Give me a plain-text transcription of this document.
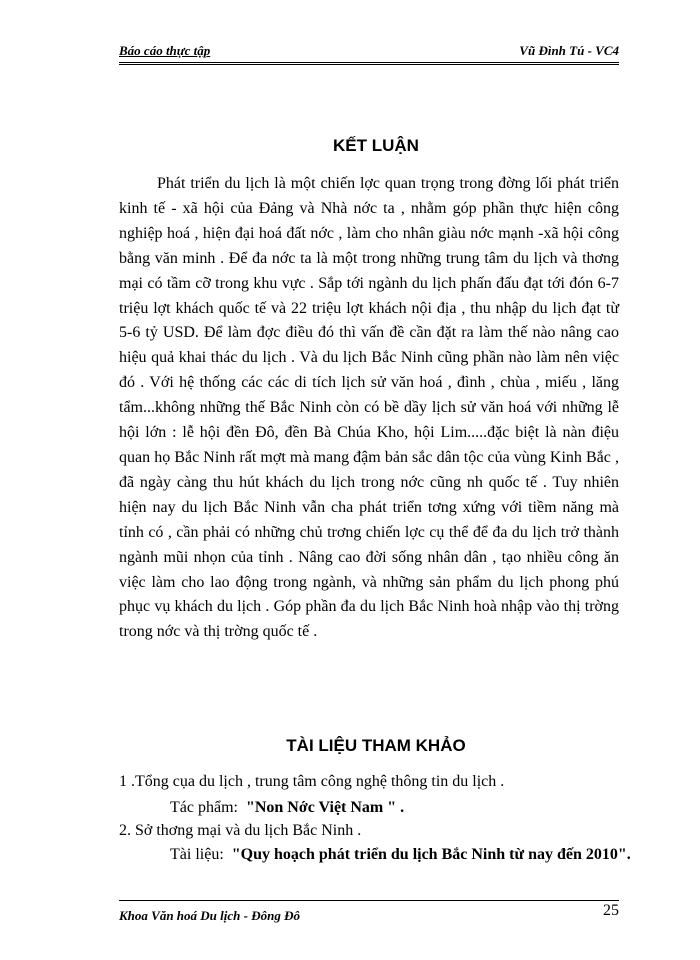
Báo cáo thực tập	Vũ Đình Tú - VC4
KẾT LUẬN
Phát triển du lịch là một chiến lợc quan trọng trong đờng lối phát triển kinh tế - xã hội của Đảng và Nhà nớc ta , nhằm góp phần thực hiện công nghiệp hoá , hiện đại hoá đất nớc , làm cho nhân giàu nớc mạnh -xã hội công bằng văn minh . Để đa nớc ta là một trong những trung tâm du lịch và thơng mại có tầm cỡ trong khu vực . Sắp tới ngành du lịch phấn đấu đạt tới đón 6-7 triệu lợt khách quốc tế và 22 triệu lợt khách nội địa , thu nhập du lịch đạt từ 5-6 tỷ USD. Để làm đợc điều đó thì vấn đề cần đặt ra làm thế nào nâng cao hiệu quả khai thác du lịch . Và du lịch Bắc Ninh cũng phần nào làm nên việc đó . Với hệ thống các các di tích lịch sử văn hoá , đình , chùa , miếu , lăng tẩm...không những thế Bắc Ninh còn có bề dầy lịch sử văn hoá với những lễ hội lớn : lễ hội đền Đô, đền Bà Chúa Kho, hội Lim.....đặc biệt là nàn điệu quan họ Bắc Ninh rất mợt mà mang đậm bản sắc dân tộc của vùng Kinh Bắc , đã ngày càng thu hút khách du lịch trong nớc cũng nh quốc tế . Tuy nhiên hiện nay du lịch Bắc Ninh vẫn cha phát triển tơng xứng với tiềm năng mà tỉnh có , cần phải có những chủ trơng chiến lợc cụ thể để đa du lịch trở thành ngành mũi nhọn của tỉnh . Nâng cao đời sống nhân dân , tạo nhiều công ăn việc làm cho lao động trong ngành, và những sản phẩm du lịch phong phú phục vụ khách du lịch . Góp phần đa du lịch Bắc Ninh hoà nhập vào thị trờng trong nớc và thị trờng quốc tế .
TÀI LIỆU THAM KHẢO
1 .Tổng cụa du lịch , trung tâm công nghệ thông tin du lịch .
Tác phẩm: "Non Nớc Việt Nam " .
2. Sở thơng mại và du lịch Bắc Ninh .
Tài liệu: "Quy hoạch phát triển du lịch Bắc Ninh từ nay đến 2010".
Khoa Văn hoá Du lịch - Đông Đô	25
